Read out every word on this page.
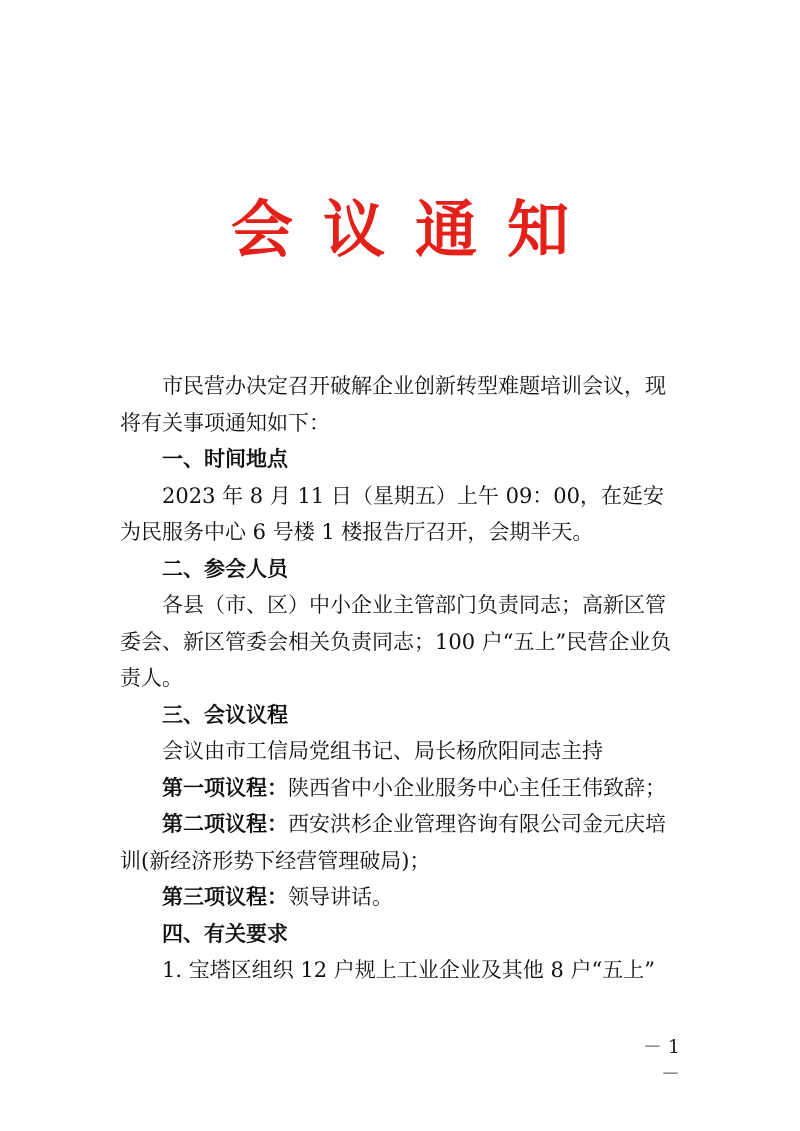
会议通知

市民营办决定召开破解企业创新转型难题培训会议，现将有关事项通知如下：

一、时间地点

2023 年 8 月 11 日（星期五）上午 09：00，在延安为民服务中心 6 号楼 1 楼报告厅召开，会期半天。

二、参会人员

各县（市、区）中小企业主管部门负责同志；高新区管委会、新区管委会相关负责同志；100 户“五上”民营企业负责人。

三、会议议程

会议由市工信局党组书记、局长杨欣阳同志主持

第一项议程：陕西省中小企业服务中心主任王伟致辞；

第二项议程：西安洪杉企业管理咨询有限公司金元庆培训(新经济形势下经营管理破局)；

第三项议程：领导讲话。

四、有关要求

1. 宝塔区组织 12 户规上工业企业及其他 8 户“五上”

－ 1 －
